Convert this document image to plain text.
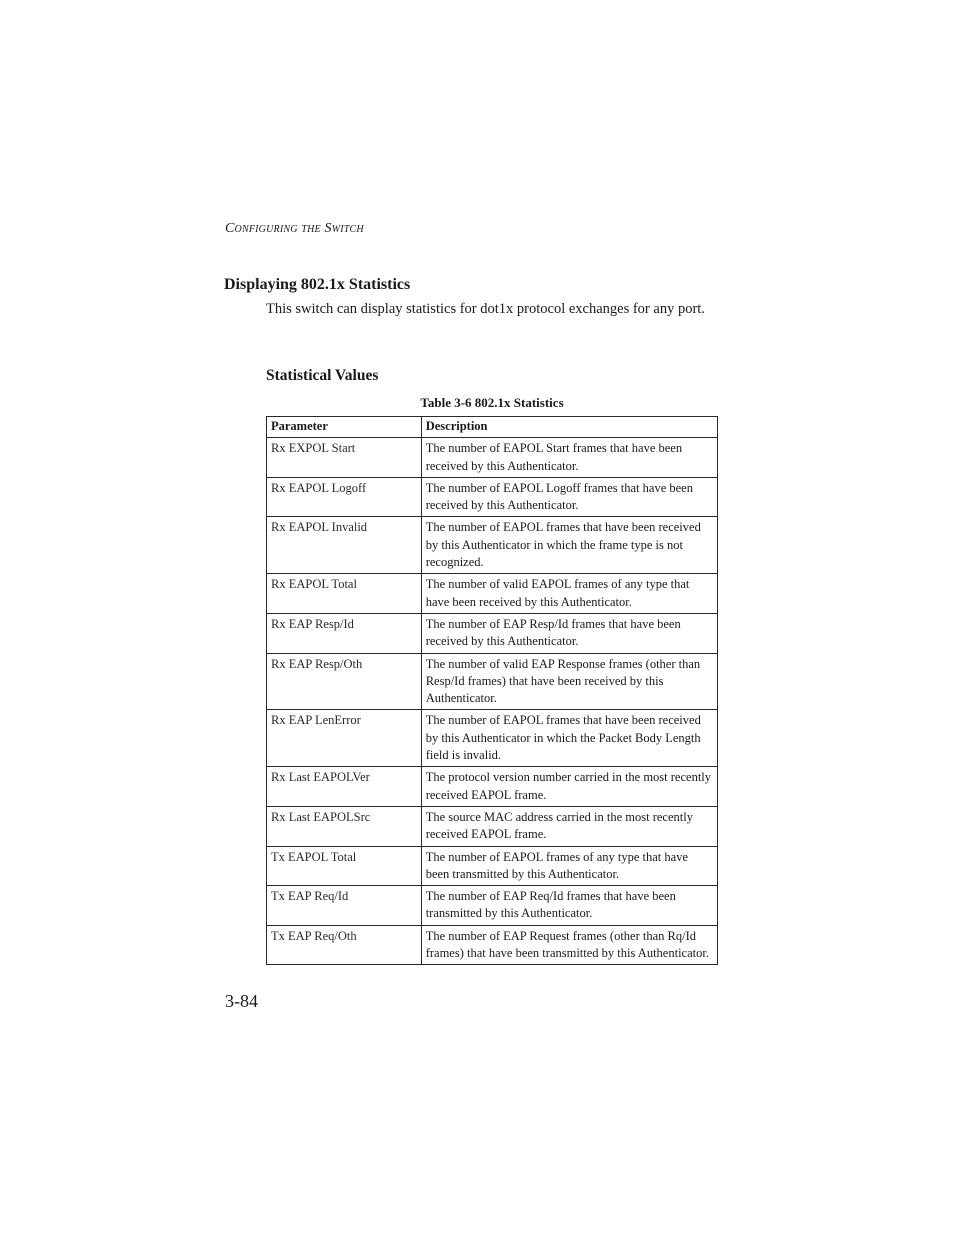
Configuring the Switch
Displaying 802.1x Statistics
This switch can display statistics for dot1x protocol exchanges for any port.
Statistical Values
Table 3-6 802.1x Statistics
Parameter	Description
Rx EXPOL Start	The number of EAPOL Start frames that have been received by this Authenticator.
Rx EAPOL Logoff	The number of EAPOL Logoff frames that have been received by this Authenticator.
Rx EAPOL Invalid	The number of EAPOL frames that have been received by this Authenticator in which the frame type is not recognized.
Rx EAPOL Total	The number of valid EAPOL frames of any type that have been received by this Authenticator.
Rx EAP Resp/Id	The number of EAP Resp/Id frames that have been received by this Authenticator.
Rx EAP Resp/Oth	The number of valid EAP Response frames (other than Resp/Id frames) that have been received by this Authenticator.
Rx EAP LenError	The number of EAPOL frames that have been received by this Authenticator in which the Packet Body Length field is invalid.
Rx Last EAPOLVer	The protocol version number carried in the most recently received EAPOL frame.
Rx Last EAPOLSrc	The source MAC address carried in the most recently received EAPOL frame.
Tx EAPOL Total	The number of EAPOL frames of any type that have been transmitted by this Authenticator.
Tx EAP Req/Id	The number of EAP Req/Id frames that have been transmitted by this Authenticator.
Tx EAP Req/Oth	The number of EAP Request frames (other than Rq/Id frames) that have been transmitted by this Authenticator.
3-84
